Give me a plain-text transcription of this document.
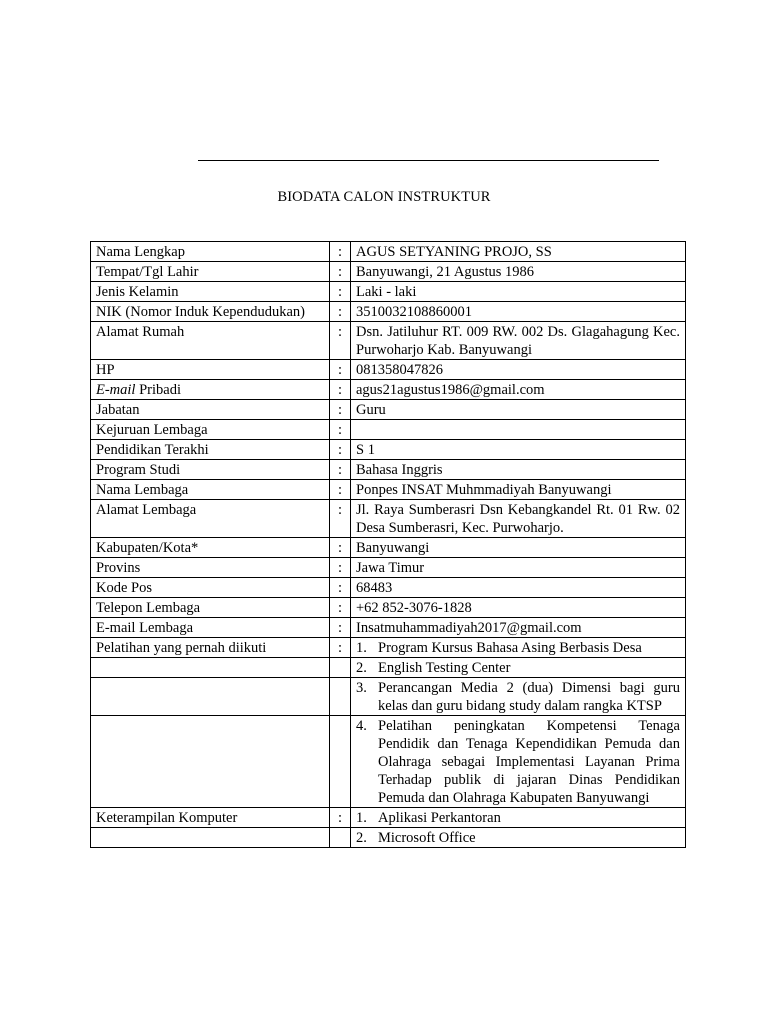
BIODATA CALON INSTRUKTUR
Nama Lengkap	:	AGUS SETYANING PROJO, SS
Tempat/Tgl Lahir	:	Banyuwangi, 21 Agustus 1986
Jenis Kelamin	:	Laki - laki
NIK (Nomor Induk Kependudukan)	:	3510032108860001
Alamat Rumah	:	Dsn. Jatiluhur RT. 009 RW. 002 Ds. Glagahagung Kec. Purwoharjo Kab. Banyuwangi
HP	:	081358047826
E-mail Pribadi	:	agus21agustus1986@gmail.com
Jabatan	:	Guru
Kejuruan Lembaga	:	
Pendidikan Terakhi	:	S 1
Program Studi	:	Bahasa Inggris
Nama Lembaga	:	Ponpes INSAT Muhmmadiyah Banyuwangi
Alamat Lembaga	:	Jl. Raya Sumberasri Dsn Kebangkandel Rt. 01 Rw. 02 Desa Sumberasri, Kec. Purwoharjo.
Kabupaten/Kota*	:	Banyuwangi
Provins	:	Jawa Timur
Kode Pos	:	68483
Telepon Lembaga	:	+62 852-3076-1828
E-mail Lembaga	:	Insatmuhammadiyah2017@gmail.com
Pelatihan yang pernah diikuti	:	1. Program Kursus Bahasa Asing Berbasis Desa

		2. English Testing Center

		3. Perancangan Media 2 (dua) Dimensi bagi guru kelas dan guru bidang study dalam rangka KTSP

		4. Pelatihan peningkatan Kompetensi Tenaga Pendidik dan Tenaga Kependidikan Pemuda dan Olahraga sebagai Implementasi Layanan Prima Terhadap publik di jajaran Dinas Pendidikan Pemuda dan Olahraga Kabupaten Banyuwangi

Keterampilan Komputer	:	1. Aplikasi Perkantoran

		2. Microsoft Office
